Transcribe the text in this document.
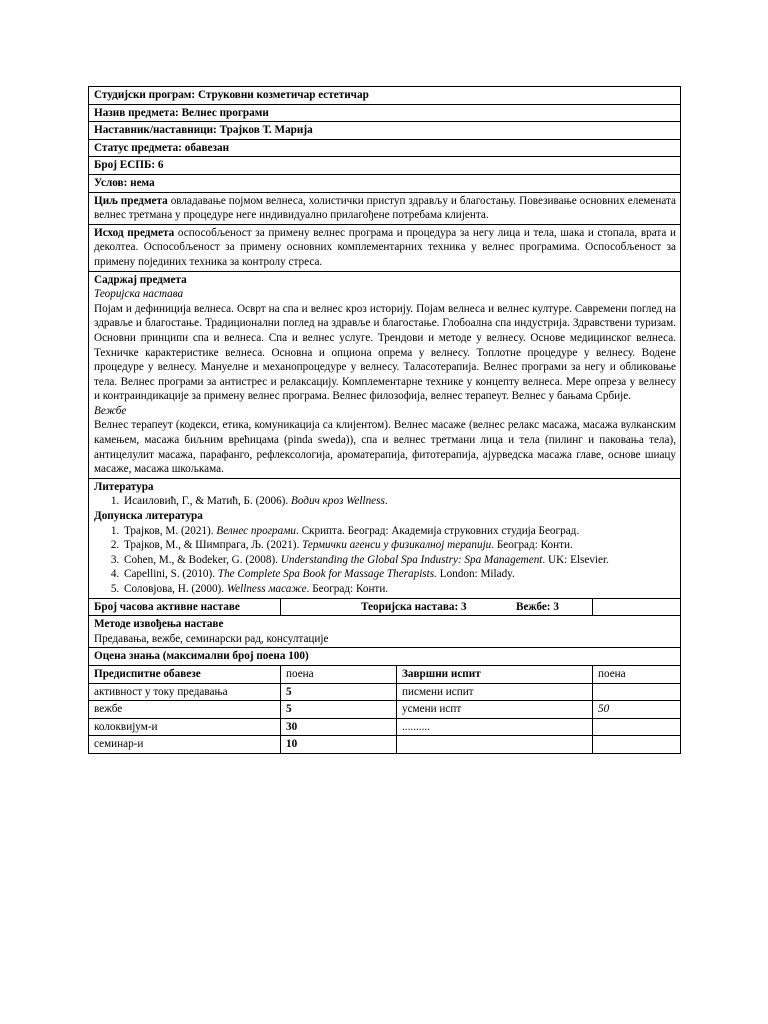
Студијски програм: Струковни козметичар естетичар
Назив предмета: Велнес програми
Наставник/наставници: Трајков Т. Марија
Статус предмета: обавезан
Број ЕСПБ: 6
Услов: нема
Циљ предмета овладавање појмом велнеса, холистички приступ здрављу и благостању. Повезивање основних елемената велнес третмана у процедуре неге индивидуално прилагођене потребама клијента.
Исход предмета оспособљеност за примену велнес програма и процедура за негу лица и тела, шака и стопала, врата и деколтеа. Оспособљеност за примену основних комплементарних техника у велнес програмима. Оспособљеност за примену појединих техника за контролу стреса.

Садржај предмета
Теоријска настава

Појам и дефиниција велнеса. Осврт на спа и велнес кроз историју. Појам велнеса и велнес културе. Савремени поглед на здравље и благостање. Традиционални поглед на здравље и благостање. Глобоална спа индустрија. Здравствени туризам. Основни принципи спа и велнеса. Спа и велнес услуге. Трендови и методе у велнесу. Основе медицинског велнеса. Техничке карактеристике велнеса. Основна и опциона опрема у велнесу. Топлотне процедуре у велнесу. Водене процедуре у велнесу. Мануелне и механопроцедуре у велнесу. Таласотерапија. Велнес програми за негу и обликовање тела. Велнес програми за антистрес и релаксацију. Комплементарне технике у концепту велнеса. Мере опреза у велнесу и контраиндикације за примену велнес програма. Велнес филозофија, велнес терапеут. Велнес у бањама Србије.

Вежбе

Велнес терапеут (кодекси, етика, комуникација са клијентом). Велнес масаже (велнес релакс масажа, масажа вулканским камењем, масажа биљним врећицама (pinda sweda)), спа и велнес третмани лица и тела (пилинг и паковања тела), антицелулит масажа, парафанго, рефлексологија, ароматерапија, фитотерапија, ајурведска масажа главе, основе шиацу масаже, масажа шкољкама.

Литература
1. Исаиловић, Г., & Матић, Б. (2006). Водич кроз Wellness.
Допунска литература
1. Трајков, М. (2021). Велнес програми. Скрипта. Београд: Академија струковних студија Београд.
2. Трајков, М., & Шимпрага, Љ. (2021). Термички агенси у физикалној терапији. Београд: Конти.
3. Cohen, M., & Bodeker, G. (2008). Understanding the Global Spa Industry: Spa Management. UK: Elsevier.
4. Capellini, S. (2010). The Complete Spa Book for Massage Therapists. London: Milady.
5. Соловјова, Н. (2000). Wellness масаже. Београд: Конти.

Број часова активне наставе	Теоријска настава: 3	Вежбе: 3

Методе извођења наставе
Предавања, вежбе, семинарски рад, консултације
Оцена знања (максимални број поена 100)
Предиспитне обавезе	поена	Завршни испит	поена
активност у току предавања	5	писмени испит	
вежбе	5	усмени испт	50
колоквијум-и	30	..........	
семинар-и	10		
